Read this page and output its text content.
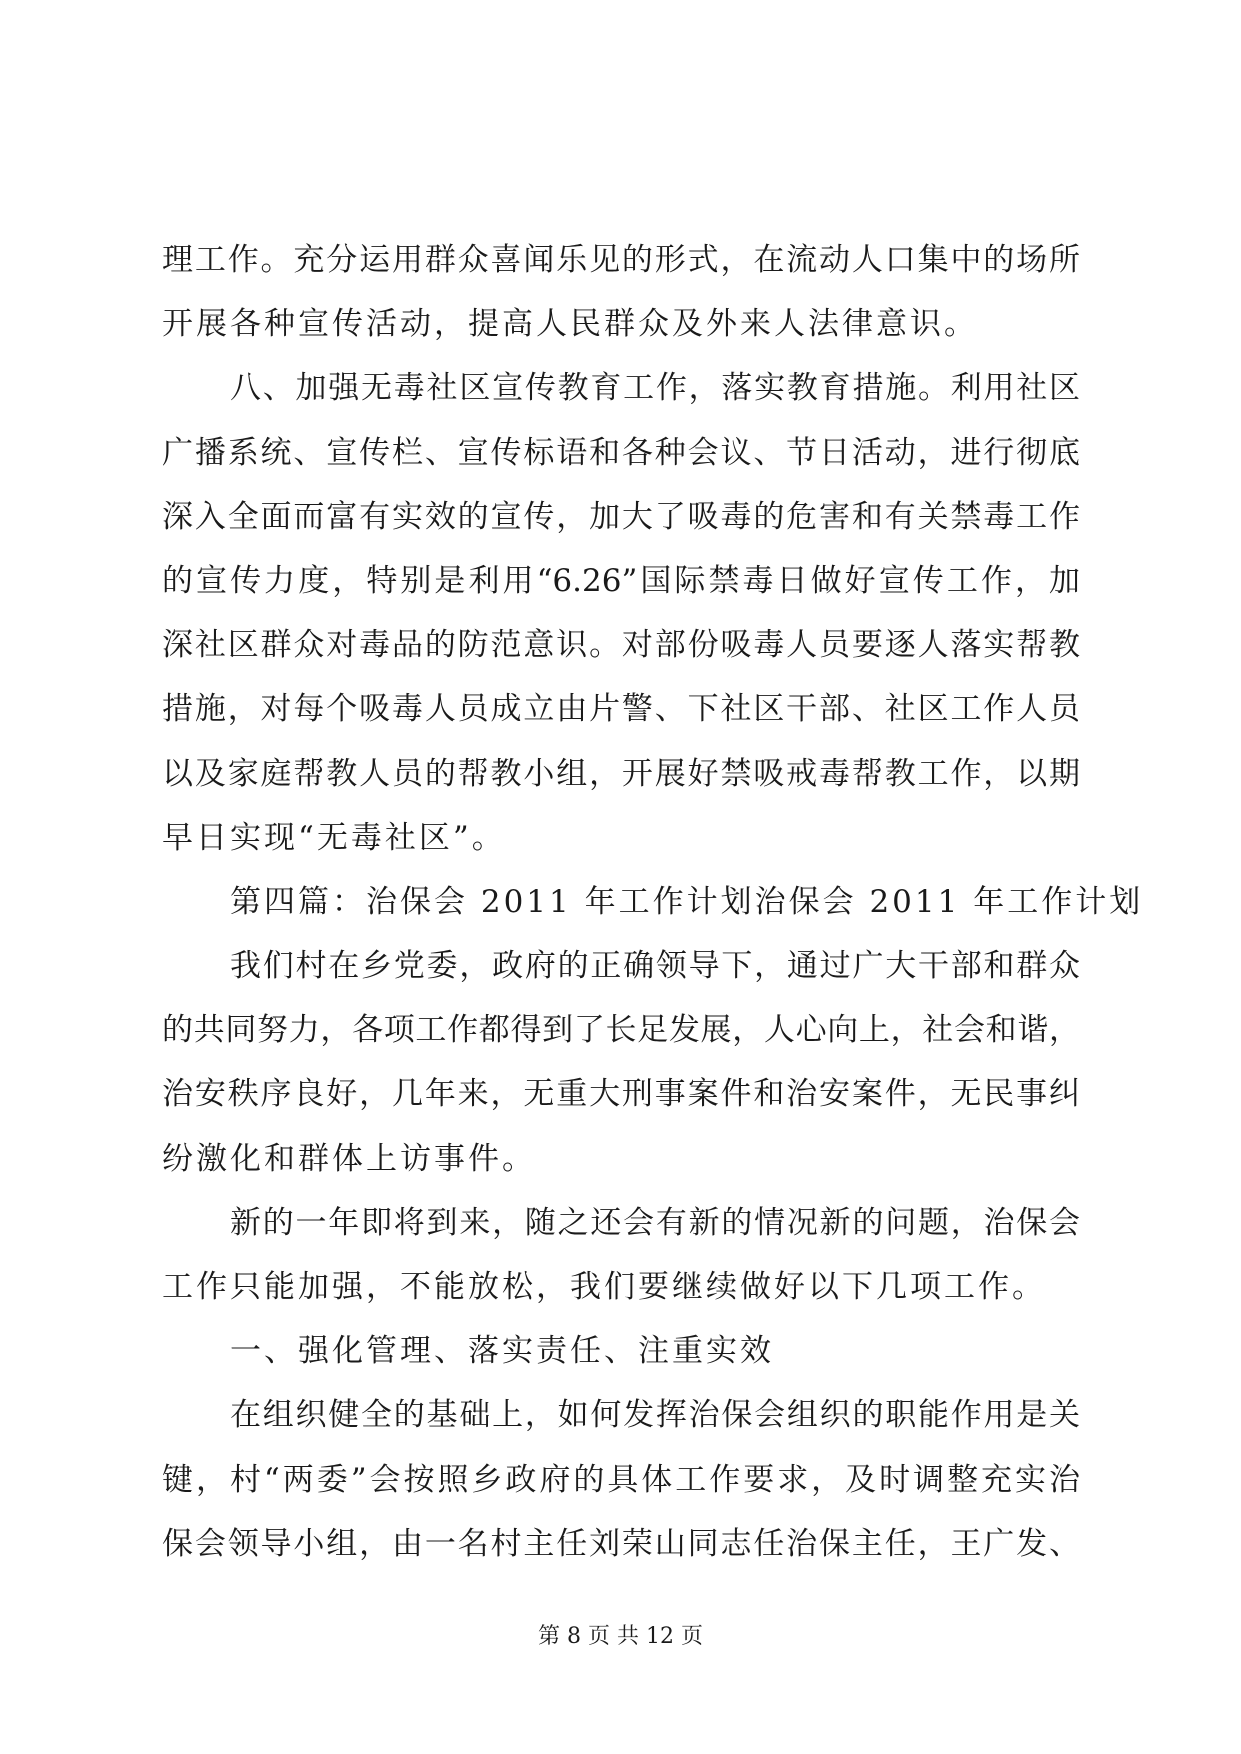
理工作。充分运用群众喜闻乐见的形式，在流动人口集中的场所
开展各种宣传活动，提高人民群众及外来人法律意识。
八、加强无毒社区宣传教育工作，落实教育措施。利用社区
广播系统、宣传栏、宣传标语和各种会议、节日活动，进行彻底
深入全面而富有实效的宣传，加大了吸毒的危害和有关禁毒工作
的宣传力度，特别是利用“6.26”国际禁毒日做好宣传工作，加
深社区群众对毒品的防范意识。对部份吸毒人员要逐人落实帮教
措施，对每个吸毒人员成立由片警、下社区干部、社区工作人员
以及家庭帮教人员的帮教小组，开展好禁吸戒毒帮教工作，以期
早日实现“无毒社区”。
第四篇：治保会 2011 年工作计划治保会 2011 年工作计划
我们村在乡党委，政府的正确领导下，通过广大干部和群众
的共同努力，各项工作都得到了长足发展，人心向上，社会和谐，
治安秩序良好，几年来，无重大刑事案件和治安案件，无民事纠
纷激化和群体上访事件。
新的一年即将到来，随之还会有新的情况新的问题，治保会
工作只能加强，不能放松，我们要继续做好以下几项工作。
一、强化管理、落实责任、注重实效
在组织健全的基础上，如何发挥治保会组织的职能作用是关
键，村“两委”会按照乡政府的具体工作要求，及时调整充实治
保会领导小组，由一名村主任刘荣山同志任治保主任，王广发、
第 8 页 共 12 页
